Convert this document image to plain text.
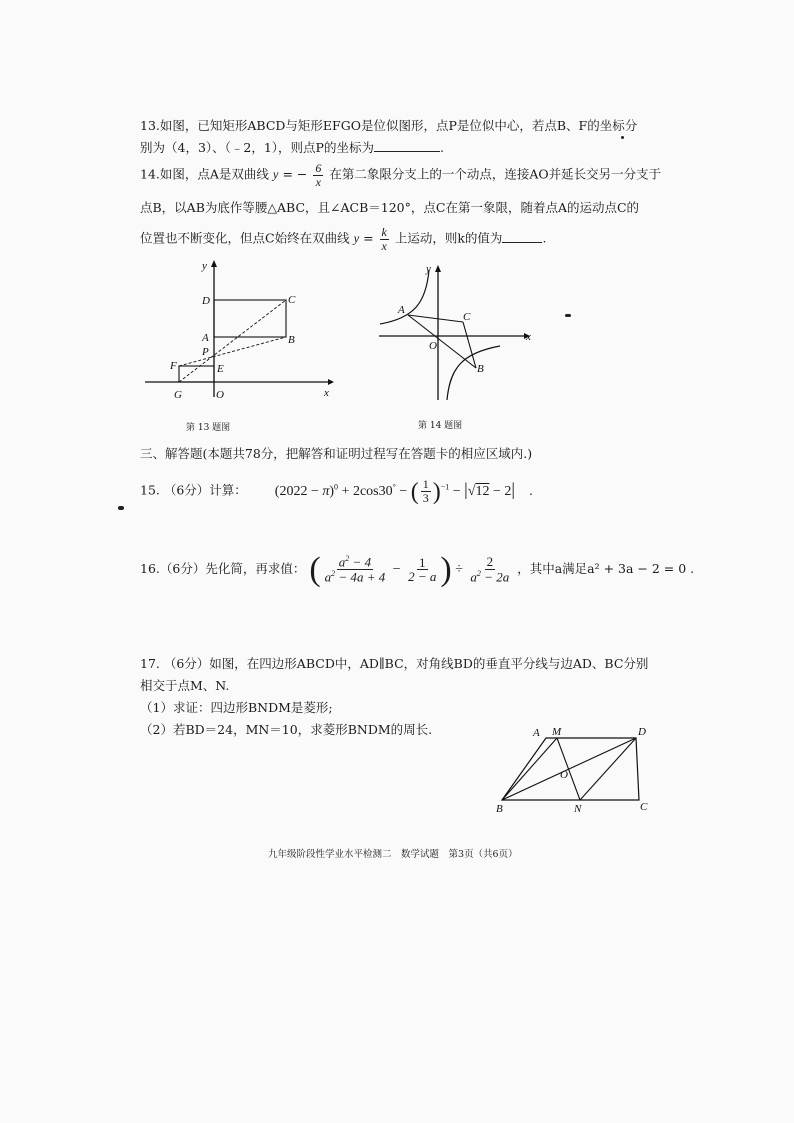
13.如图，已知矩形ABCD与矩形EFGO是位似图形，点P是位似中心，若点B、F的坐标分
别为（4，3）、（﹣2，1），则点P的坐标为	.
14.如图，点A是双曲线 y = − $\frac{6}{x}$ 在第二象限分支上的一个动点，连接AO并延长交另一分支于
点B，以AB为底作等腰△ABC，且∠ACB＝120°，点C在第一象限，随着点A的运动点C的
位置也不断变化，但点C始终在双曲线 $y = \frac{k}{x}$ 上运动，则k的值为	.
y
x
D	C
A	B
P
F	E
G	O
第 13 题图
y
x
A
C
O
B
第 14 题图
三、解答题(本题共78分，把解答和证明过程写在答题卡的相应区域内.)
15. （6分）计算： $(2022 - \pi)^0 + 2\cos 30^\circ$ − ( $\frac{1}{3} )^{-1} - |√12 - 2|$ .
16.（6分）先化简，再求值： ( $\frac{a^2 - 4}{a^2 - 4a + 4} - \frac{1}{2 - a}$ ) ÷ $\frac{2}{a^2 - 2a}$ ，其中a满足a² + 3a − 2 = 0 .
17. （6分）如图，在四边形ABCD中，AD∥BC，对角线BD的垂直平分线与边AD、BC分别
相交于点M、N.
（1）求证：四边形BNDM是菱形;
（2）若BD＝24，MN＝10，求菱形BNDM的周长.	A M	D
O
B	N	C
九年级阶段性学业水平检测二　数学试题　第3页（共6页）
